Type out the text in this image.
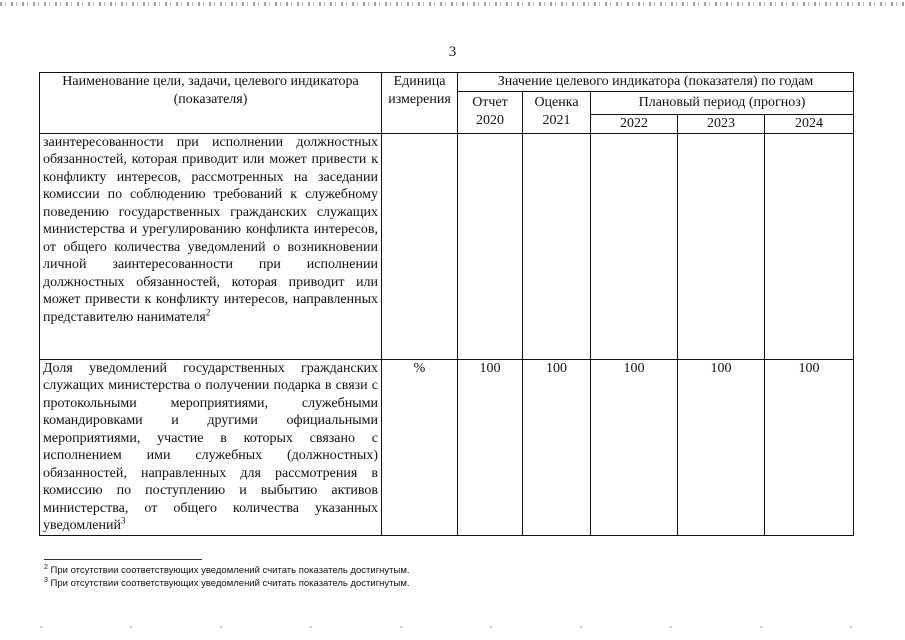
3
Наименование цели, задачи, целевого индикатора (показателя)	Единица измерения	Значение целевого индикатора (показателя) по годам				
		Отчет 2020	Оценка 2021	Плановый период (прогноз)		
				2022	2023	2024

заинтересованности при исполнении должностных обязанностей, которая приводит или может привести к конфликту интересов, рассмотренных на заседании комиссии по соблюдению требований к служебному поведению государственных гражданских служащих министерства и урегулированию конфликта интересов, от общего количества уведомлений о возникновении личной заинтересованности при исполнении должностных обязанностей, которая приводит или может привести к конфликту интересов, направленных представителю нанимателя$^2$

Доля уведомлений государственных гражданских служащих министерства о получении подарка в связи с протокольными мероприятиями, служебными командировками и другими официальными мероприятиями, участие в которых связано с исполнением ими служебных (должностных) обязанностей, направленных для рассмотрения в комиссию по поступлению и выбытию активов министерства, от общего количества указанных уведомлений$^3$	%	100	100	100	100	100
$^2$ При отсутствии соответствующих уведомлений считать показатель достигнутым.
$^3$ При отсутствии соответствующих уведомлений считать показатель достигнутым.
